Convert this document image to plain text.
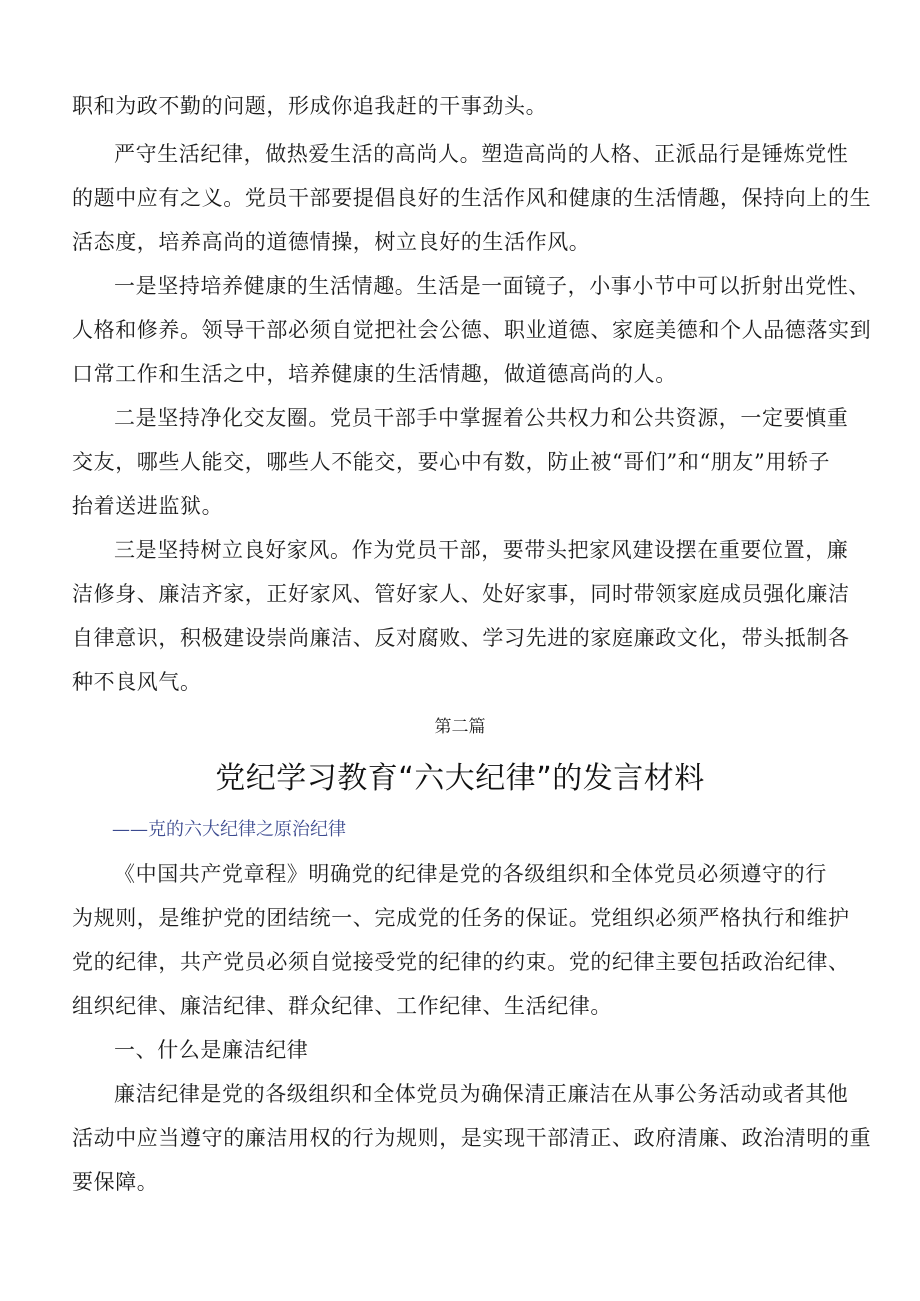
职和为政不勤的问题，形成你追我赶的干事劲头。
严守生活纪律，做热爱生活的高尚人。塑造高尚的人格、正派品行是锤炼党性
的题中应有之义。党员干部要提倡良好的生活作风和健康的生活情趣，保持向上的生
活态度，培养高尚的道德情操，树立良好的生活作风。
一是坚持培养健康的生活情趣。生活是一面镜子，小事小节中可以折射出党性、
人格和修养。领导干部必须自觉把社会公德、职业道德、家庭美德和个人品德落实到
口常工作和生活之中，培养健康的生活情趣，做道德高尚的人。
二是坚持净化交友圈。党员干部手中掌握着公共权力和公共资源，一定要慎重
交友，哪些人能交，哪些人不能交，要心中有数，防止被“哥们”和“朋友”用轿子
抬着送进监狱。
三是坚持树立良好家风。作为党员干部，要带头把家风建设摆在重要位置，廉
洁修身、廉洁齐家，正好家风、管好家人、处好家事，同时带领家庭成员强化廉洁
自律意识，积极建设崇尚廉洁、反对腐败、学习先进的家庭廉政文化，带头抵制各
种不良风气。
第二篇
党纪学习教育“六大纪律”的发言材料
——克的六大纪律之原治纪律
《中国共产党章程》明确党的纪律是党的各级组织和全体党员必须遵守的行
为规则，是维护党的团结统一、完成党的任务的保证。党组织必须严格执行和维护
党的纪律，共产党员必须自觉接受党的纪律的约束。党的纪律主要包括政治纪律、
组织纪律、廉洁纪律、群众纪律、工作纪律、生活纪律。
一、什么是廉洁纪律
廉洁纪律是党的各级组织和全体党员为确保清正廉洁在从事公务活动或者其他
活动中应当遵守的廉洁用权的行为规则，是实现干部清正、政府清廉、政治清明的重
要保障。
